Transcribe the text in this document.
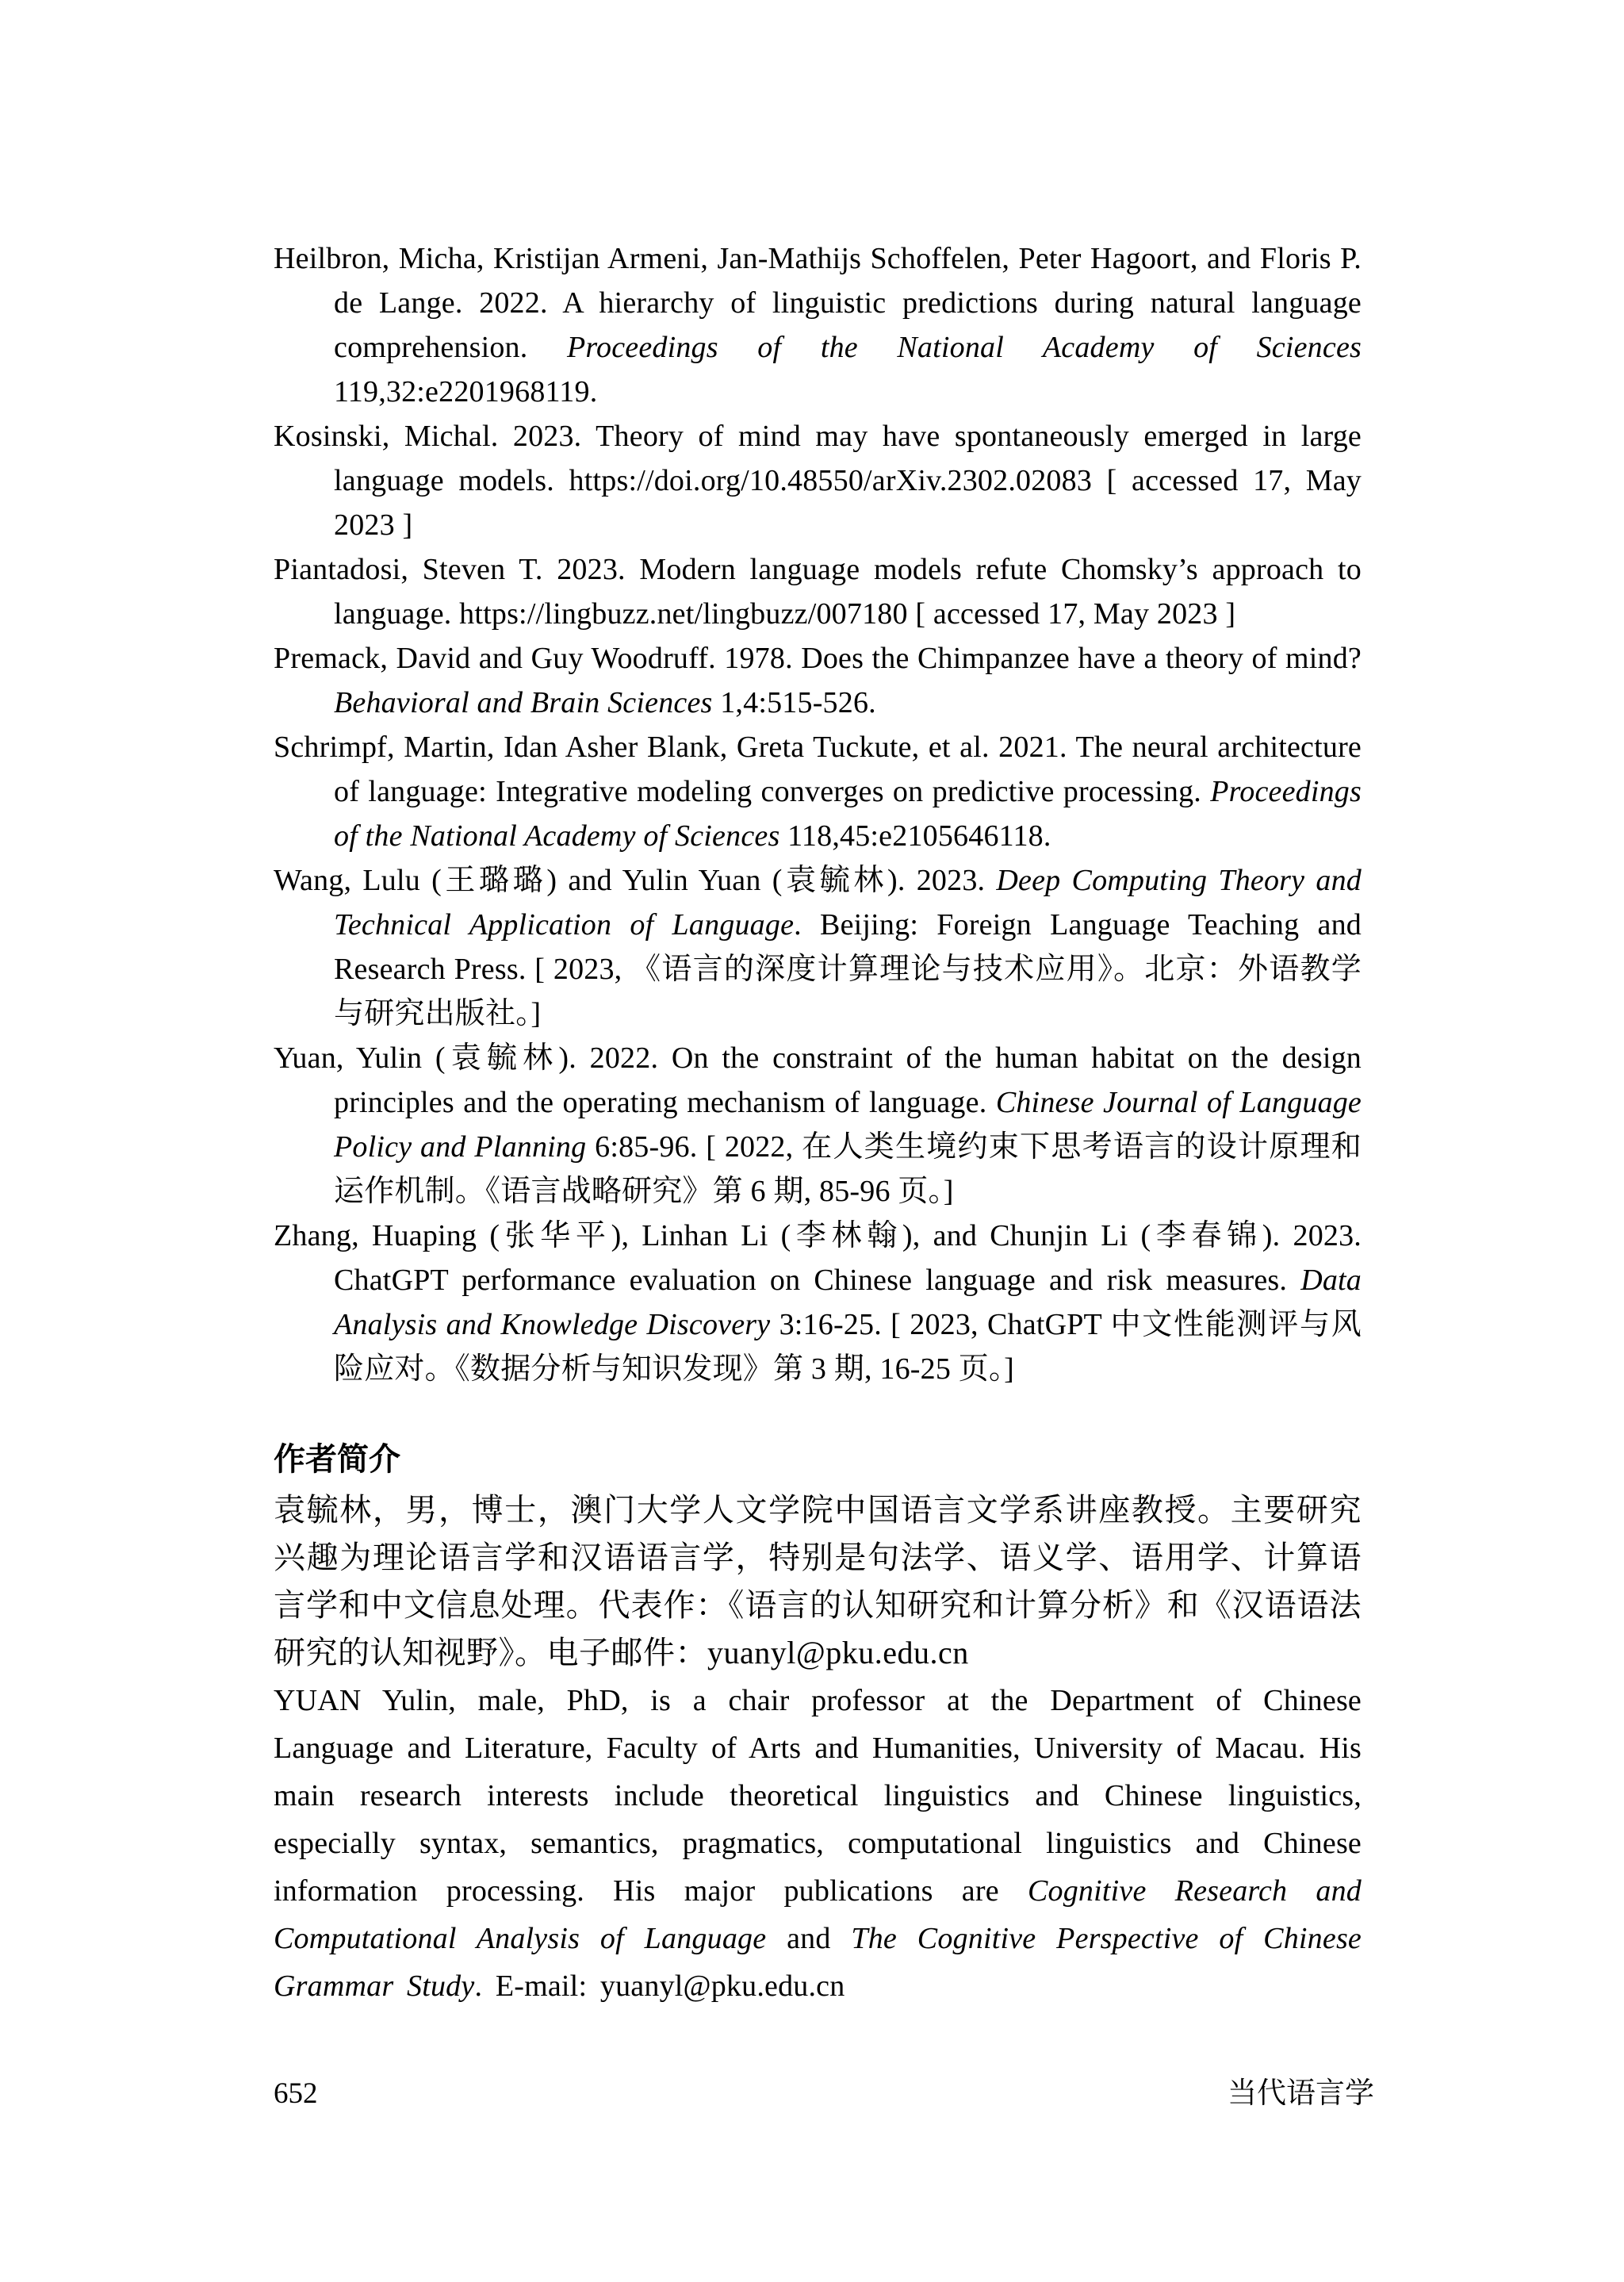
Heilbron, Micha, Kristijan Armeni, Jan-Mathijs Schoffelen, Peter Hagoort, and Floris P. de Lange. 2022. A hierarchy of linguistic predictions during natural language comprehension. Proceedings of the National Academy of Sciences 119,32:e2201968119.

Kosinski, Michal. 2023. Theory of mind may have spontaneously emerged in large language models. https://doi.org/10.48550/arXiv.2302.02083 [ accessed 17, May 2023 ]

Piantadosi, Steven T. 2023. Modern language models refute Chomsky’s approach to language. https://lingbuzz.net/lingbuzz/007180 [ accessed 17, May 2023 ]

Premack, David and Guy Woodruff. 1978. Does the Chimpanzee have a theory of mind? Behavioral and Brain Sciences 1,4:515-526.

Schrimpf, Martin, Idan Asher Blank, Greta Tuckute, et al. 2021. The neural architecture of language: Integrative modeling converges on predictive processing. Proceedings of the National Academy of Sciences 118,45:e2105646118.

Wang, Lulu (王璐璐) and Yulin Yuan (袁毓林). 2023. Deep Computing Theory and Technical Application of Language. Beijing: Foreign Language Teaching and Research Press. [ 2023, 《语言的深度计算理论与技术应用》。北京：外语教学与研究出版社。]

Yuan, Yulin (袁毓林). 2022. On the constraint of the human habitat on the design principles and the operating mechanism of language. Chinese Journal of Language Policy and Planning 6:85-96. [ 2022, 在人类生境约束下思考语言的设计原理和运作机制。《语言战略研究》第 6 期, 85-96 页。]

Zhang, Huaping (张华平), Linhan Li (李林翰), and Chunjin Li (李春锦). 2023. ChatGPT performance evaluation on Chinese language and risk measures. Data Analysis and Knowledge Discovery 3:16-25. [ 2023, ChatGPT 中文性能测评与风险应对。《数据分析与知识发现》第 3 期, 16-25 页。]

作者简介

袁毓林，男，博士，澳门大学人文学院中国语言文学系讲座教授。主要研究兴趣为理论语言学和汉语语言学，特别是句法学、语义学、语用学、计算语言学和中文信息处理。代表作：《语言的认知研究和计算分析》和《汉语语法研究的认知视野》。电子邮件：yuanyl@pku.edu.cn

YUAN Yulin, male, PhD, is a chair professor at the Department of Chinese Language and Literature, Faculty of Arts and Humanities, University of Macau. His main research interests include theoretical linguistics and Chinese linguistics, especially syntax, semantics, pragmatics, computational linguistics and Chinese information processing. His major publications are Cognitive Research and Computational Analysis of Language and The Cognitive Perspective of Chinese Grammar Study. E-mail: yuanyl@pku.edu.cn

652	当代语言学
